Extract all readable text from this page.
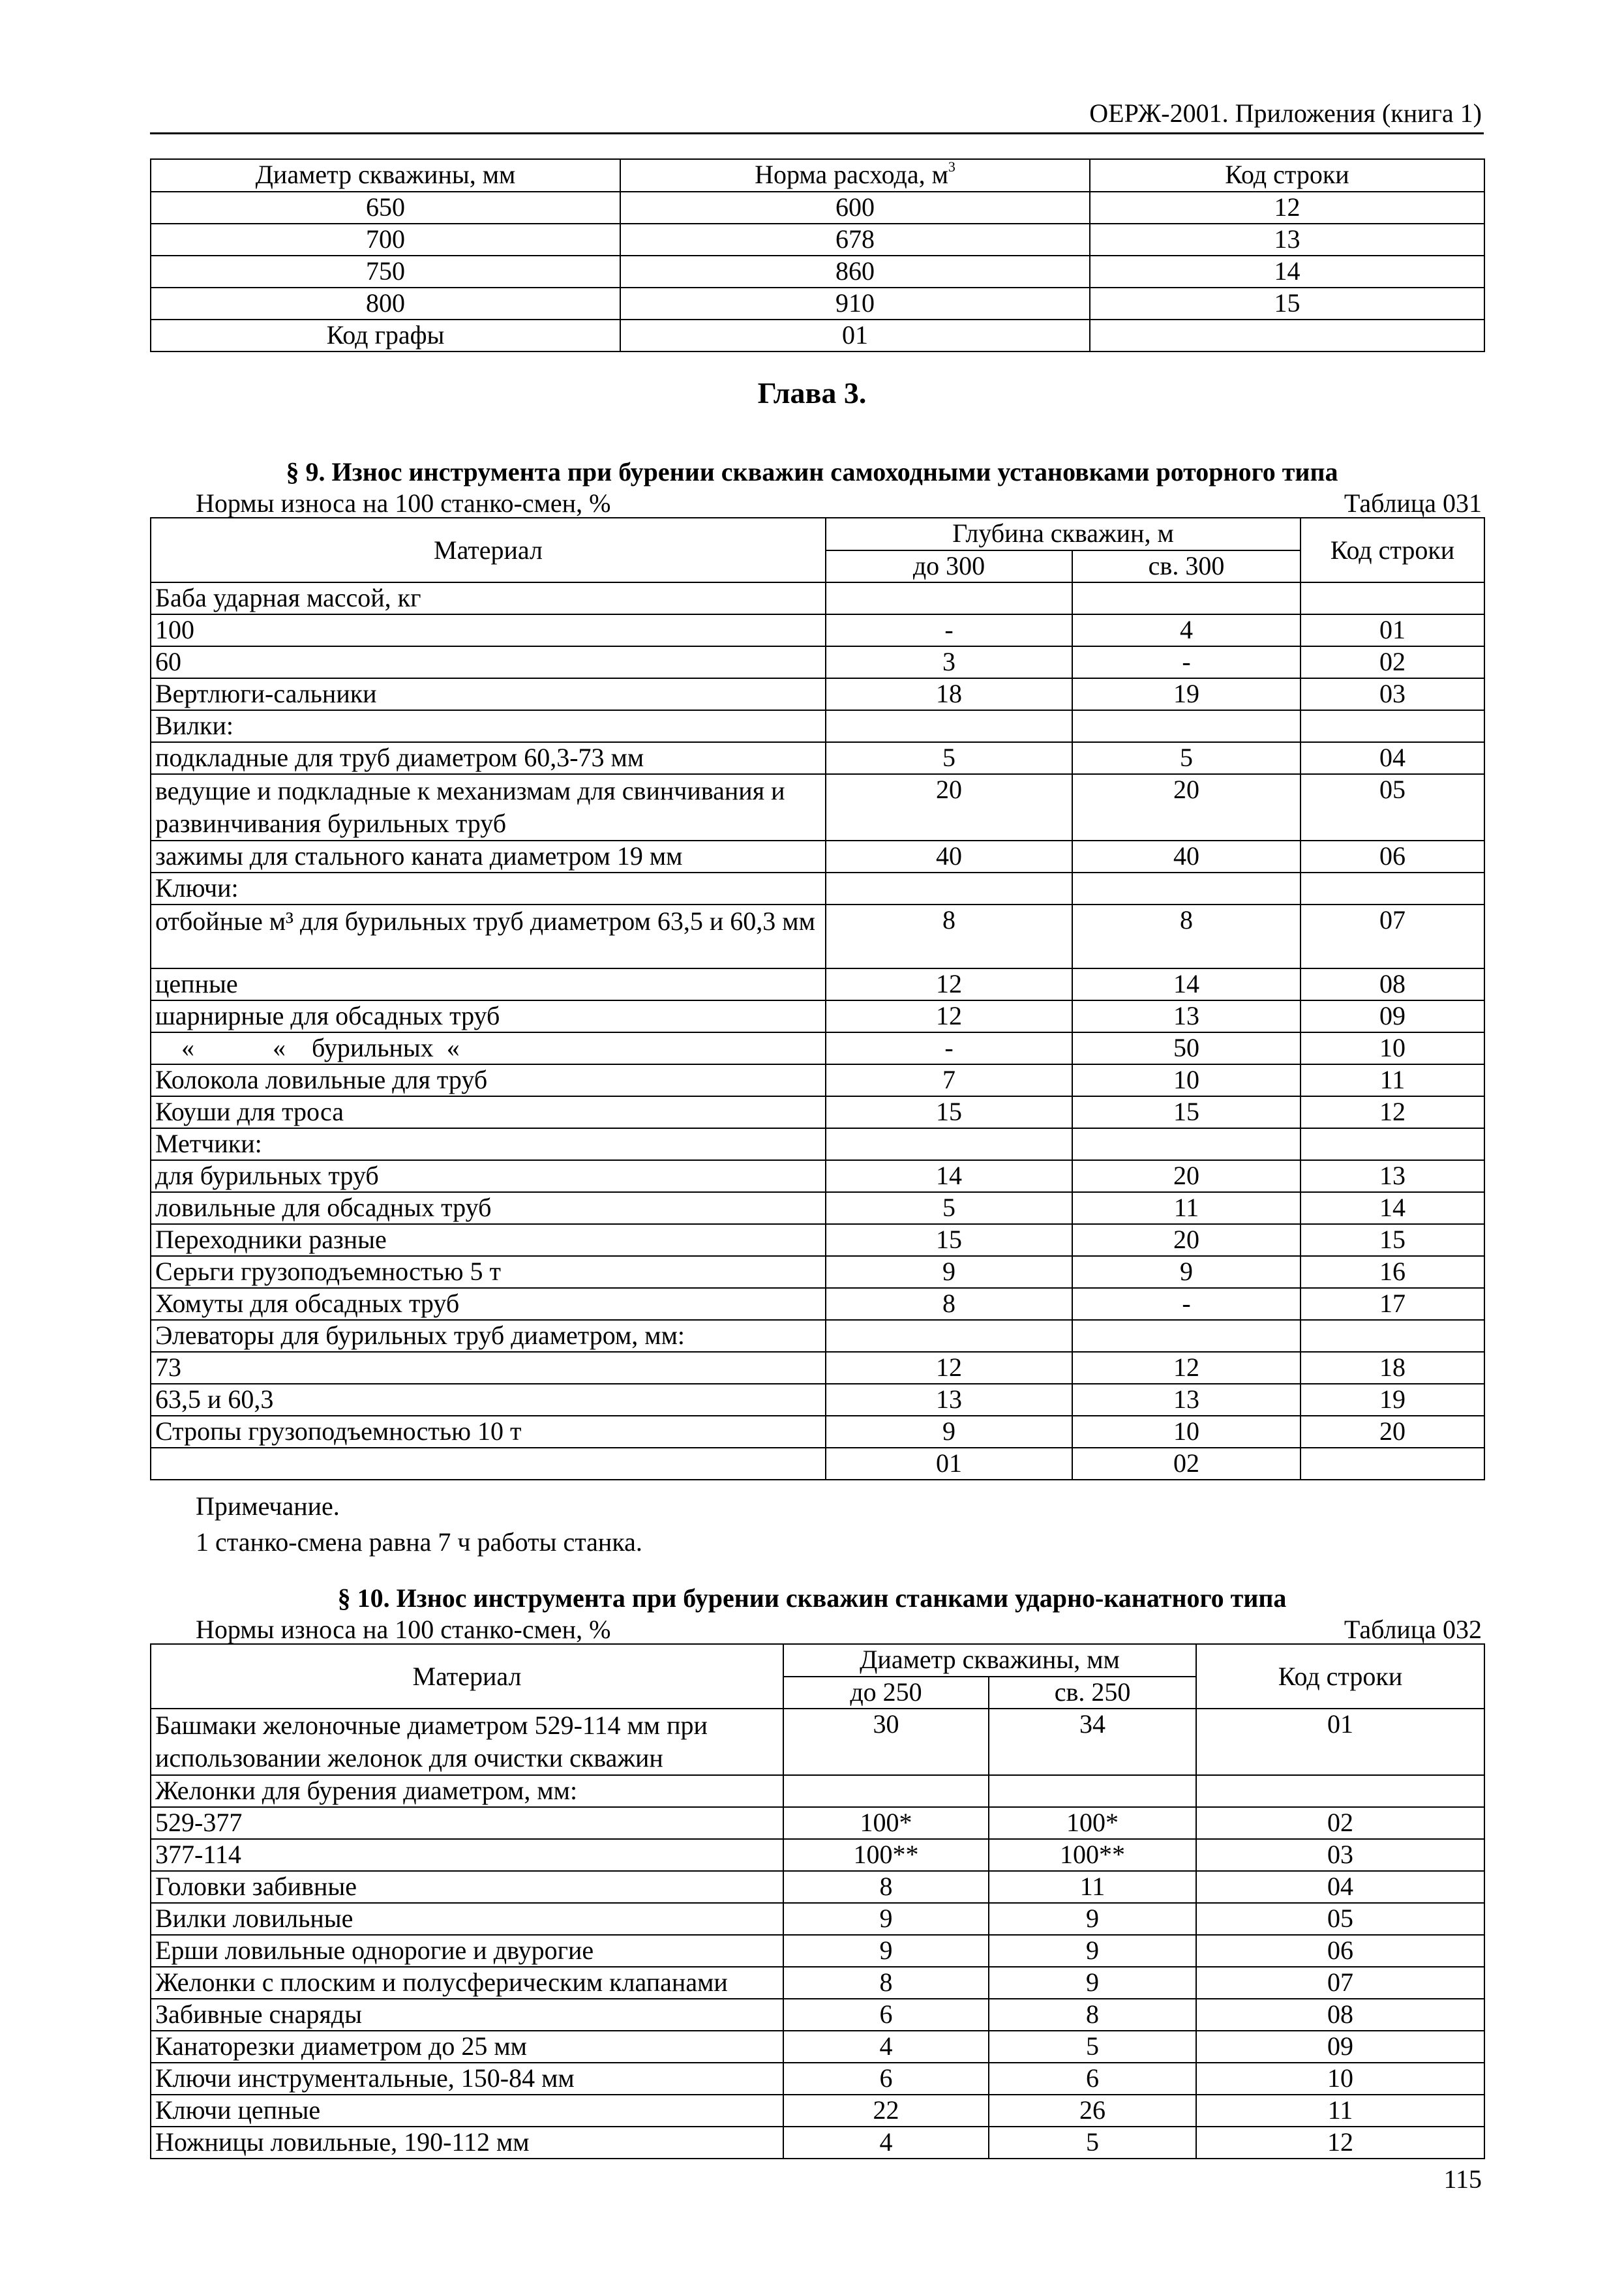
ОЕРЖ-2001. Приложения (книга 1)
Диаметр скважины, мм	Норма расхода, $м^3$	Код строки
650	600	12
700	678	13
750	860	14
800	910	15
Код графы	01	
Глава 3.
§ 9. Износ инструмента при бурении скважин самоходными установками роторного типа
Нормы износа на 100 станко-смен, %	Таблица 031
Материал	Глубина скважин, м		Код строки
	до 300	св. 300	
Баба ударная массой, кг			
100	-	4	01
60	3	-	02
Вертлюги-сальники	18	19	03
Вилки:			
подкладные для труб диаметром 60,3-73 мм	5	5	04
ведущие и подкладные к механизмам для свинчивания и развинчивания бурильных труб	20	20	05
зажимы для стального каната диаметром 19 мм	40	40	06
Ключи:			
отбойные м³ для бурильных труб диаметром 63,5 и 60,3 мм	8	8	07
цепные	12	14	08
шарнирные для обсадных труб	12	13	09
«            «    бурильных  «	-	50	10
Колокола ловильные для труб	7	10	11
Коуши для троса	15	15	12
Метчики:			
для бурильных труб	14	20	13
ловильные для обсадных труб	5	11	14
Переходники разные	15	20	15
Серьги грузоподъемностью 5 т	9	9	16
Хомуты для обсадных труб	8	-	17
Элеваторы для бурильных труб диаметром, мм:			
73	12	12	18
63,5 и 60,3	13	13	19
Стропы грузоподъемностью 10 т	9	10	20
	01	02	
Примечание.
1 станко-смена равна 7 ч работы станка.
§ 10. Износ инструмента при бурении скважин станками ударно-канатного типа
Нормы износа на 100 станко-смен, %	Таблица 032
Материал	Диаметр скважины, мм		Код строки
	до 250	св. 250	
Башмаки желоночные диаметром 529-114 мм при использовании желонок для очистки скважин	30	34	01
Желонки для бурения диаметром, мм:			
529-377	100*	100*	02
377-114	100**	100**	03
Головки забивные	8	11	04
Вилки ловильные	9	9	05
Ерши ловильные однорогие и двурогие	9	9	06
Желонки с плоским и полусферическим клапанами	8	9	07
Забивные снаряды	6	8	08
Канаторезки диаметром до 25 мм	4	5	09
Ключи инструментальные, 150-84 мм	6	6	10
Ключи цепные	22	26	11
Ножницы ловильные, 190-112 мм	4	5	12
115
